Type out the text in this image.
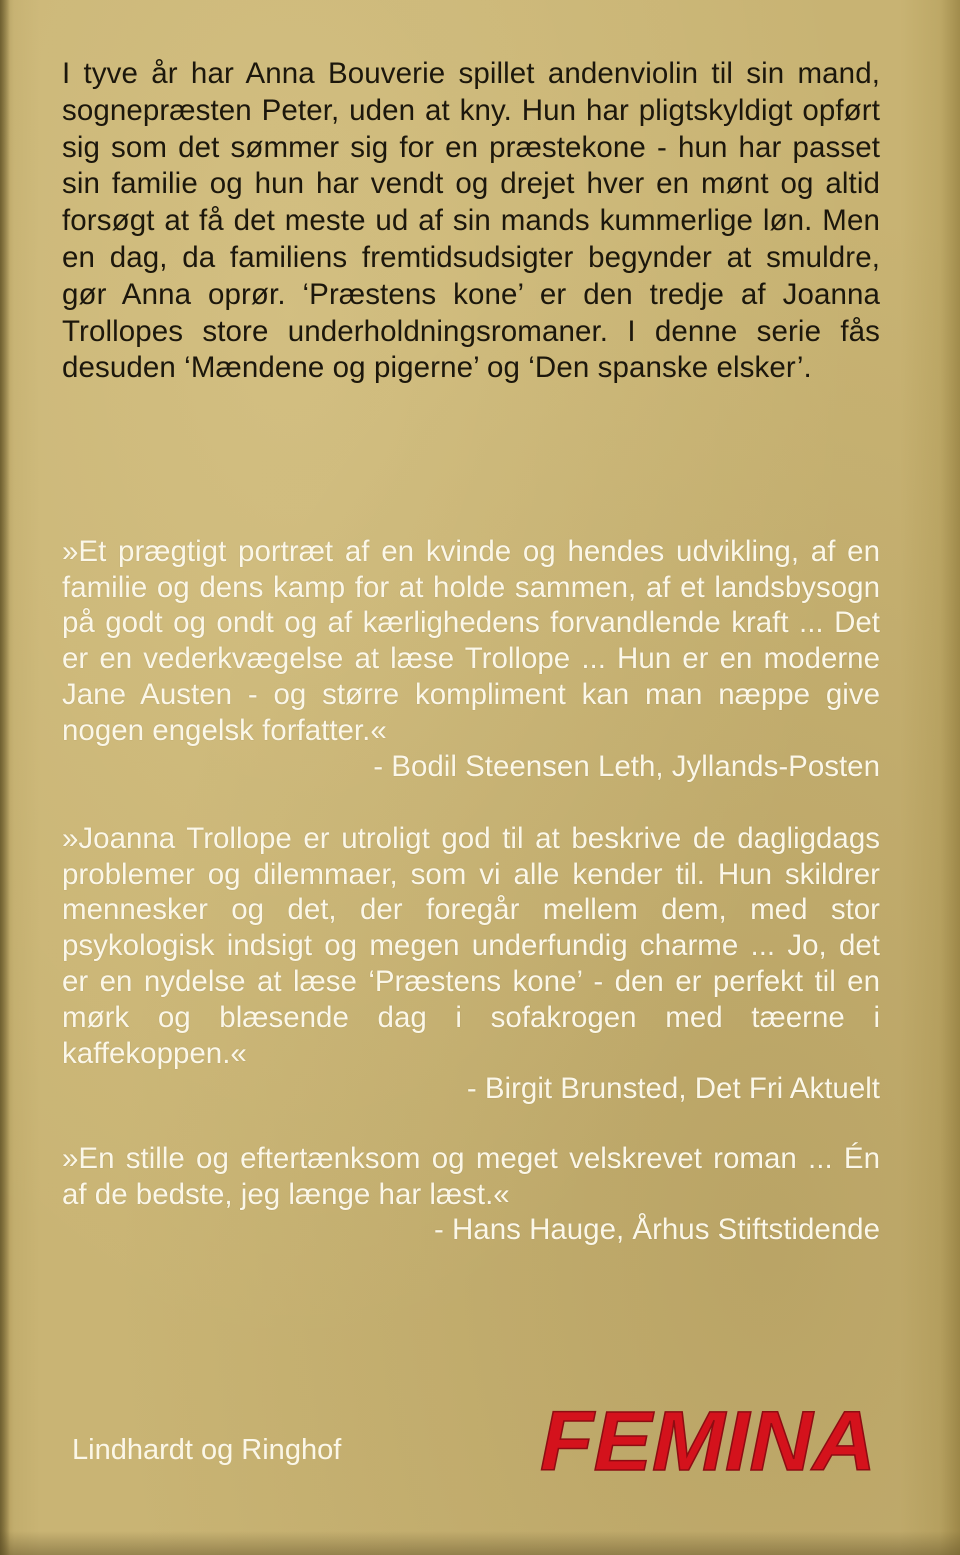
I tyve år har Anna Bouverie spillet andenviolin til sin mand, sognepræsten Peter, uden at kny. Hun har pligtskyldigt opført sig som det sømmer sig for en præstekone - hun har passet sin familie og hun har vendt og drejet hver en mønt og altid forsøgt at få det meste ud af sin mands kummerlige løn. Men en dag, da familiens fremtidsudsigter begynder at smuldre, gør Anna oprør. ‘Præstens kone’ er den tredje af Joanna Trollopes store underholdningsromaner. I denne serie fås desuden ‘Mændene og pigerne’ og ‘Den spanske elsker’.

»Et prægtigt portræt af en kvinde og hendes udvikling, af en familie og dens kamp for at holde sammen, af et landsbysogn på godt og ondt og af kærlighedens forvandlende kraft ... Det er en vederkvægelse at læse Trollope ... Hun er en moderne Jane Austen - og større kompliment kan man næppe give nogen engelsk forfatter.«

- Bodil Steensen Leth, Jyllands-Posten

»Joanna Trollope er utroligt god til at beskrive de dagligdags problemer og dilemmaer, som vi alle kender til. Hun skildrer mennesker og det, der foregår mellem dem, med stor psykologisk indsigt og megen underfundig charme ... Jo, det er en nydelse at læse ‘Præstens kone’ - den er perfekt til en mørk og blæsende dag i sofakrogen med tæerne i kaffekoppen.«

- Birgit Brunsted, Det Fri Aktuelt

»En stille og eftertænksom og meget velskrevet roman ... Én af de bedste, jeg længe har læst.«

- Hans Hauge, Århus Stiftstidende

Lindhardt og Ringhof FEMINA
